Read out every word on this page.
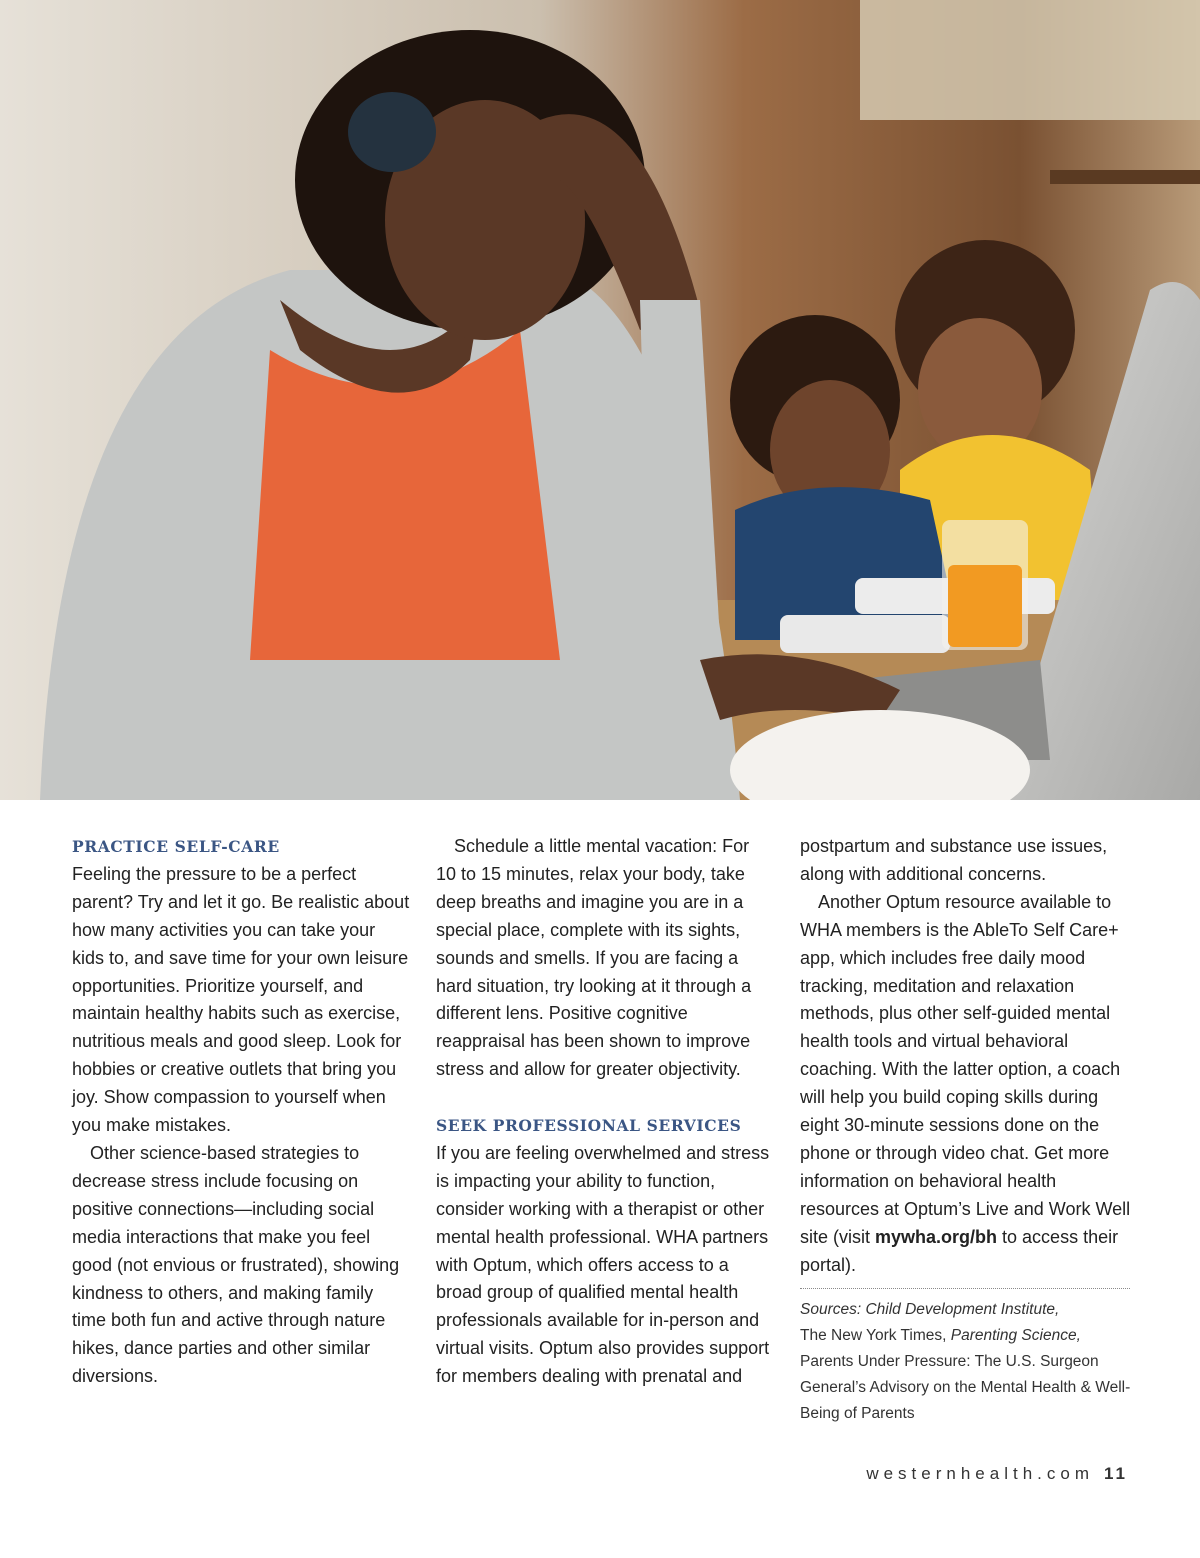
PRACTICE SELF-CARE

Feeling the pressure to be a perfect parent? Try and let it go. Be realistic about how many activities you can take your kids to, and save time for your own leisure opportunities. Prioritize yourself, and maintain healthy habits such as exercise, nutritious meals and good sleep. Look for hobbies or creative outlets that bring you joy. Show compassion to yourself when you make mistakes.

Other science-based strategies to decrease stress include focusing on positive connections—including social media interactions that make you feel good (not envious or frustrated), showing kindness to others, and making family time both fun and active through nature hikes, dance parties and other similar diversions.

Schedule a little mental vacation: For 10 to 15 minutes, relax your body, take deep breaths and imagine you are in a special place, complete with its sights, sounds and smells. If you are facing a hard situation, try looking at it through a different lens. Positive cognitive reappraisal has been shown to improve stress and allow for greater objectivity.

SEEK PROFESSIONAL SERVICES

If you are feeling overwhelmed and stress is impacting your ability to function, consider working with a therapist or other mental health professional. WHA partners with Optum, which offers access to a broad group of qualified mental health professionals available for in-person and virtual visits. Optum also provides support for members dealing with prenatal and

postpartum and substance use issues, along with additional concerns.

Another Optum resource available to WHA members is the AbleTo Self Care+ app, which includes free daily mood tracking, meditation and relaxation methods, plus other self-guided mental health tools and virtual behavioral coaching. With the latter option, a coach will help you build coping skills during eight 30-minute sessions done on the phone or through video chat. Get more information on behavioral health resources at Optum’s Live and Work Well site (visit mywha.org/bh to access their portal).

Sources: Child Development Institute,
The New York Times, Parenting Science,
Parents Under Pressure: The U.S. Surgeon General’s Advisory on the Mental Health & Well-Being of Parents
westernhealth.com 11
